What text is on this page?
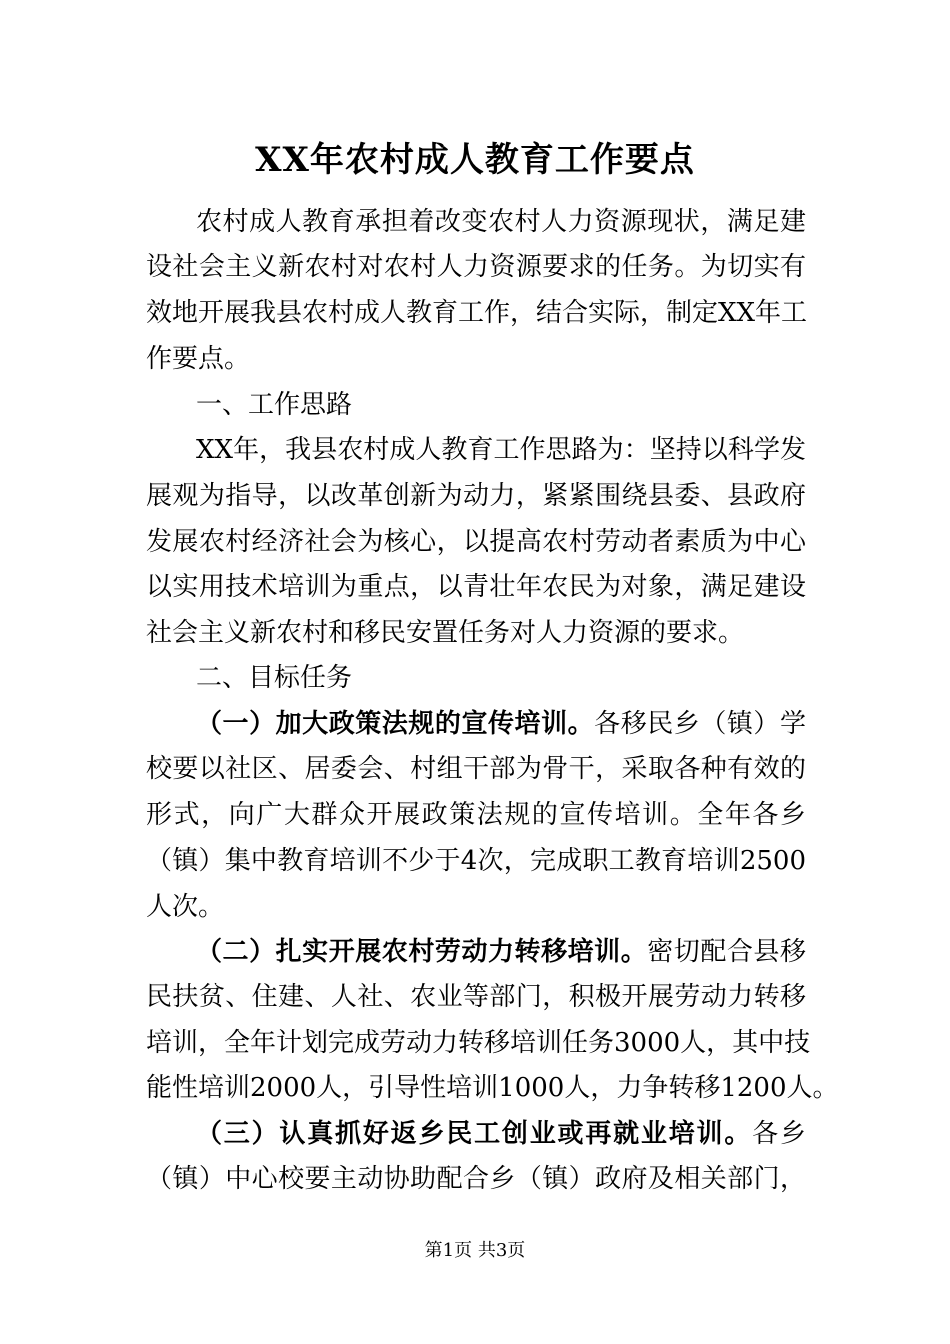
XX年农村成人教育工作要点

农村成人教育承担着改变农村人力资源现状，满足建

设社会主义新农村对农村人力资源要求的任务。为切实有

效地开展我县农村成人教育工作，结合实际，制定XX年工

作要点。

一、工作思路

XX年，我县农村成人教育工作思路为：坚持以科学发

展观为指导，以改革创新为动力，紧紧围绕县委、县政府

发展农村经济社会为核心，以提高农村劳动者素质为中心

以实用技术培训为重点，以青壮年农民为对象，满足建设

社会主义新农村和移民安置任务对人力资源的要求。

二、目标任务

（一）加大政策法规的宣传培训。各移民乡（镇）学

校要以社区、居委会、村组干部为骨干，采取各种有效的

形式，向广大群众开展政策法规的宣传培训。全年各乡

（镇）集中教育培训不少于4次，完成职工教育培训2500

人次。

（二）扎实开展农村劳动力转移培训。密切配合县移

民扶贫、住建、人社、农业等部门，积极开展劳动力转移

培训，全年计划完成劳动力转移培训任务3000人，其中技

能性培训2000人，引导性培训1000人，力争转移1200人。

（三）认真抓好返乡民工创业或再就业培训。各乡

（镇）中心校要主动协助配合乡（镇）政府及相关部门，

第1页 共3页
